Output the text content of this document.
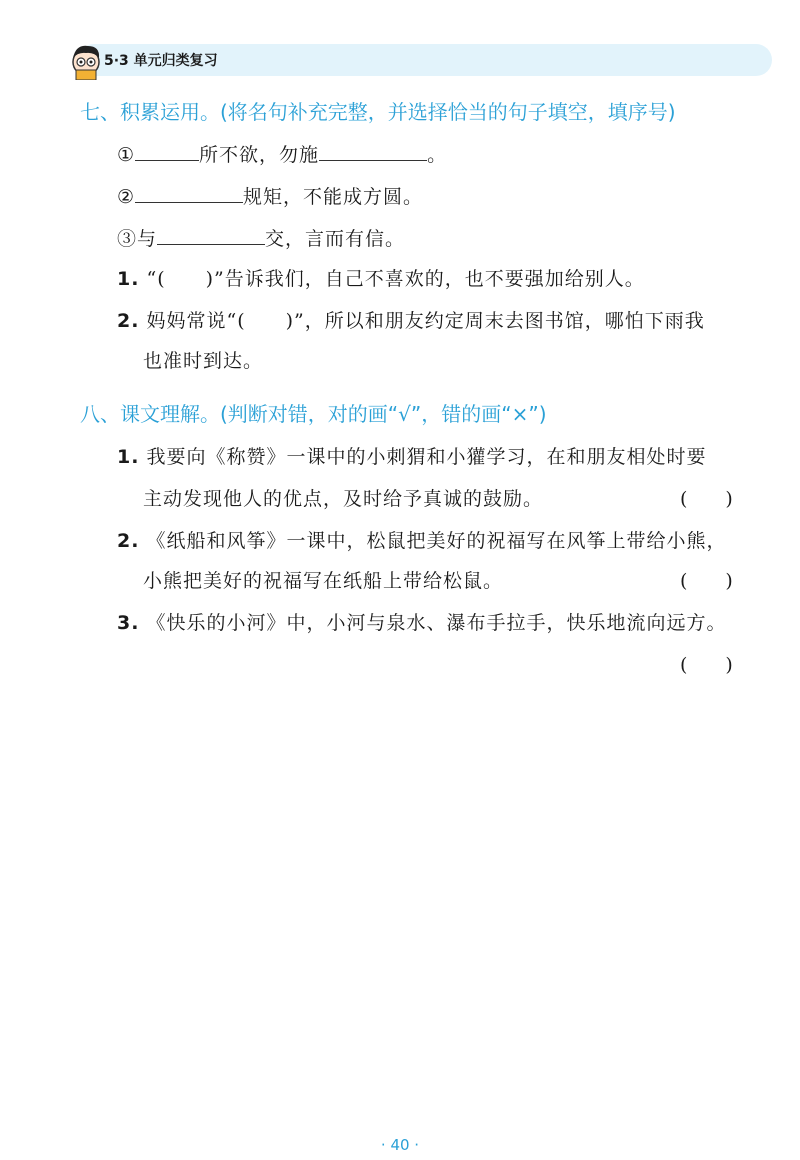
5·3 单元归类复习
七、积累运用。(将名句补充完整，并选择恰当的句子填空，填序号)
①	所不欲，勿施	。
②	规矩，不能成方圆。
③与	交，言而有信。
1. “(　　)”告诉我们，自己不喜欢的，也不要强加给别人。
2. 妈妈常说“(　　)”，所以和朋友约定周末去图书馆，哪怕下雨我
也准时到达。
八、课文理解。(判断对错，对的画“√”，错的画“×”)
1. 我要向《称赞》一课中的小刺猬和小獾学习，在和朋友相处时要
主动发现他人的优点，及时给予真诚的鼓励。	(　　)
2. 《纸船和风筝》一课中，松鼠把美好的祝福写在风筝上带给小熊，
小熊把美好的祝福写在纸船上带给松鼠。	(　　)
3. 《快乐的小河》中，小河与泉水、瀑布手拉手，快乐地流向远方。
(　　)
· 40 ·
